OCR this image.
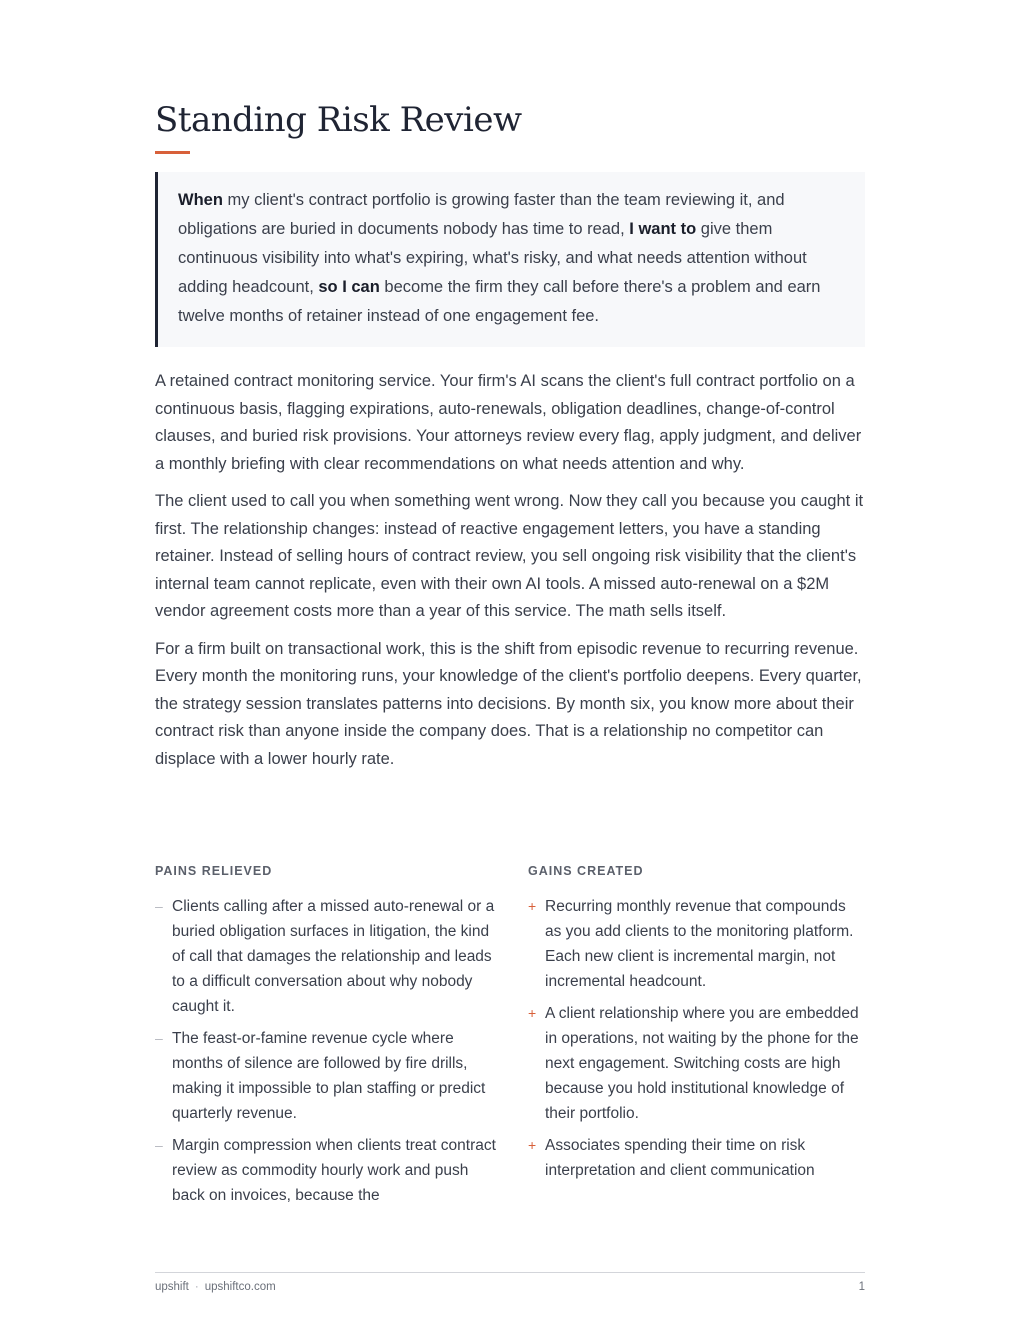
Standing Risk Review
When my client's contract portfolio is growing faster than the team reviewing it, and obligations are buried in documents nobody has time to read, I want to give them continuous visibility into what's expiring, what's risky, and what needs attention without adding headcount, so I can become the firm they call before there's a problem and earn twelve months of retainer instead of one engagement fee.

A retained contract monitoring service. Your firm's AI scans the client's full contract portfolio on a continuous basis, flagging expirations, auto-renewals, obligation deadlines, change-of-control clauses, and buried risk provisions. Your attorneys review every flag, apply judgment, and deliver a monthly briefing with clear recommendations on what needs attention and why.

The client used to call you when something went wrong. Now they call you because you caught it first. The relationship changes: instead of reactive engagement letters, you have a standing retainer. Instead of selling hours of contract review, you sell ongoing risk visibility that the client's internal team cannot replicate, even with their own AI tools. A missed auto-renewal on a $2M vendor agreement costs more than a year of this service. The math sells itself.

For a firm built on transactional work, this is the shift from episodic revenue to recurring revenue. Every month the monitoring runs, your knowledge of the client's portfolio deepens. Every quarter, the strategy session translates patterns into decisions. By month six, you know more about their contract risk than anyone inside the company does. That is a relationship no competitor can displace with a lower hourly rate.

PAINS RELIEVED
– Clients calling after a missed auto-renewal or a buried obligation surfaces in litigation, the kind of call that damages the relationship and leads to a difficult conversation about why nobody caught it.
– The feast-or-famine revenue cycle where months of silence are followed by fire drills, making it impossible to plan staffing or predict quarterly revenue.
– Margin compression when clients treat contract review as commodity hourly work and push back on invoices, because the
GAINS CREATED
+ Recurring monthly revenue that compounds as you add clients to the monitoring platform. Each new client is incremental margin, not incremental headcount.
+ A client relationship where you are embedded in operations, not waiting by the phone for the next engagement. Switching costs are high because you hold institutional knowledge of their portfolio.
+ Associates spending their time on risk interpretation and client communication
upshift · upshiftco.com	1
